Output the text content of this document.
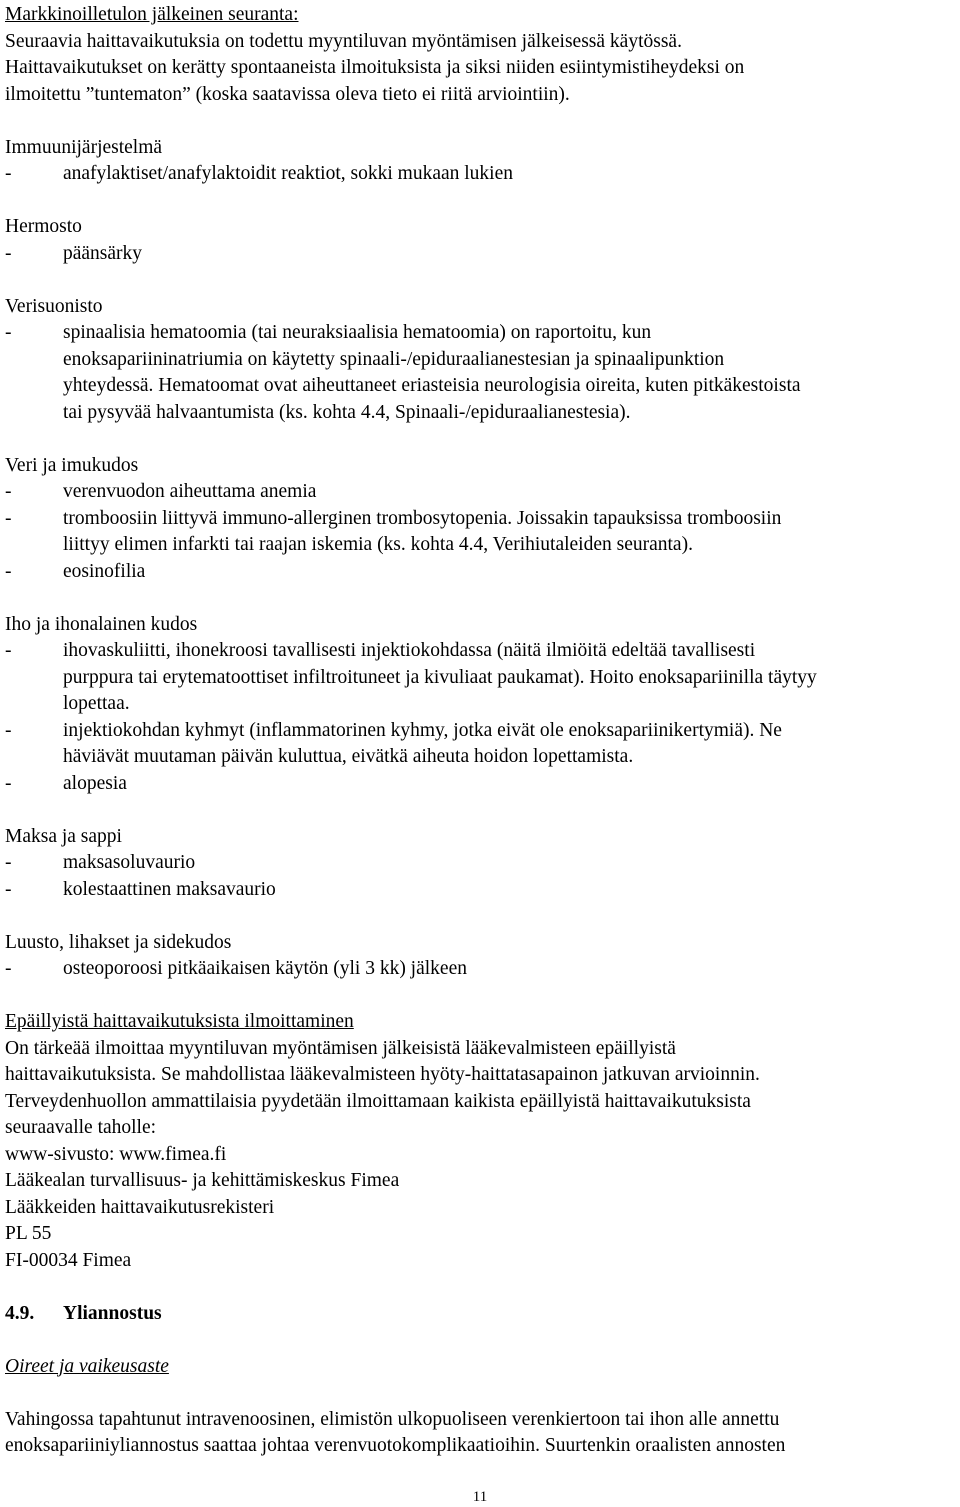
Markkinoilletulon jälkeinen seuranta:
Seuraavia haittavaikutuksia on todettu myyntiluvan myöntämisen jälkeisessä käytössä.
Haittavaikutukset on kerätty spontaaneista ilmoituksista ja siksi niiden esiintymistiheydeksi on
ilmoitettu ”tuntematon” (koska saatavissa oleva tieto ei riitä arviointiin).
Immuunijärjestelmä
-	anafylaktiset/anafylaktoidit reaktiot, sokki mukaan lukien
Hermosto
-	päänsärky
Verisuonisto
-	spinaalisia hematoomia (tai neuraksiaalisia hematoomia) on raportoitu, kun
enoksapariininatriumia on käytetty spinaali-/epiduraalianestesian ja spinaalipunktion
yhteydessä. Hematoomat ovat aiheuttaneet eriasteisia neurologisia oireita, kuten pitkäkestoista
tai pysyvää halvaantumista (ks. kohta 4.4, Spinaali-/epiduraalianestesia).
Veri ja imukudos
-	verenvuodon aiheuttama anemia
-	tromboosiin liittyvä immuno-allerginen trombosytopenia. Joissakin tapauksissa tromboosiin
liittyy elimen infarkti tai raajan iskemia (ks. kohta 4.4, Verihiutaleiden seuranta).
-	eosinofilia
Iho ja ihonalainen kudos
-	ihovaskuliitti, ihonekroosi tavallisesti injektiokohdassa (näitä ilmiöitä edeltää tavallisesti
purppura tai erytematoottiset infiltroituneet ja kivuliaat paukamat). Hoito enoksapariinilla täytyy
lopettaa.
-	injektiokohdan kyhmyt (inflammatorinen kyhmy, jotka eivät ole enoksapariinikertymiä). Ne
häviävät muutaman päivän kuluttua, eivätkä aiheuta hoidon lopettamista.
-	alopesia
Maksa ja sappi
-	maksasoluvaurio
-	kolestaattinen maksavaurio
Luusto, lihakset ja sidekudos
-	osteoporoosi pitkäaikaisen käytön (yli 3 kk) jälkeen
Epäillyistä haittavaikutuksista ilmoittaminen
On tärkeää ilmoittaa myyntiluvan myöntämisen jälkeisistä lääkevalmisteen epäillyistä
haittavaikutuksista. Se mahdollistaa lääkevalmisteen hyöty-haittatasapainon jatkuvan arvioinnin.
Terveydenhuollon ammattilaisia pyydetään ilmoittamaan kaikista epäillyistä haittavaikutuksista
seuraavalle taholle:
www-sivusto: www.fimea.fi
Lääkealan turvallisuus- ja kehittämiskeskus Fimea
Lääkkeiden haittavaikutusrekisteri
PL 55
FI-00034 Fimea
4.9.	Yliannostus
Oireet ja vaikeusaste
Vahingossa tapahtunut intravenoosinen, elimistön ulkopuoliseen verenkiertoon tai ihon alle annettu
enoksapariiniyliannostus saattaa johtaa verenvuotokomplikaatioihin. Suurtenkin oraalisten annosten
11
